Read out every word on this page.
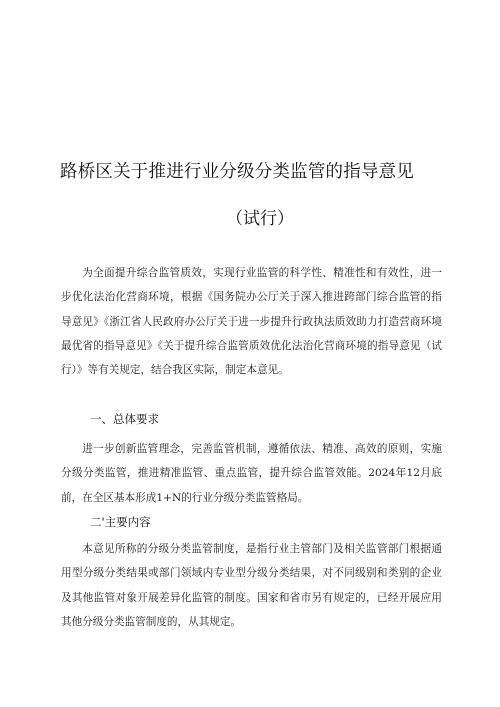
路桥区关于推进行业分级分类监管的指导意见
（试行）

为全面提升综合监管质效，实现行业监管的科学性、精准性和有效性，进一步优化法治化营商环境，根据《国务院办公厅关于深入推进跨部门综合监管的指导意见》《浙江省人民政府办公厅关于进一步提升行政执法质效助力打造营商环境最优省的指导意见》《关于提升综合监管质效优化法治化营商环境的指导意见（试行）》等有关规定，结合我区实际，制定本意见。

一、总体要求

进一步创新监管理念，完善监管机制，遵循依法、精准、高效的原则，实施分级分类监管，推进精准监管、重点监管，提升综合监管效能。2024年12月底前，在全区基本形成1+N的行业分级分类监管格局。

二'主要内容

本意见所称的分级分类监管制度，是指行业主管部门及相关监管部门根据通用型分级分类结果或部门领域内专业型分级分类结果，对不同级别和类别的企业及其他监管对象开展差异化监管的制度。国家和省市另有规定的，已经开展应用其他分级分类监管制度的，从其规定。
